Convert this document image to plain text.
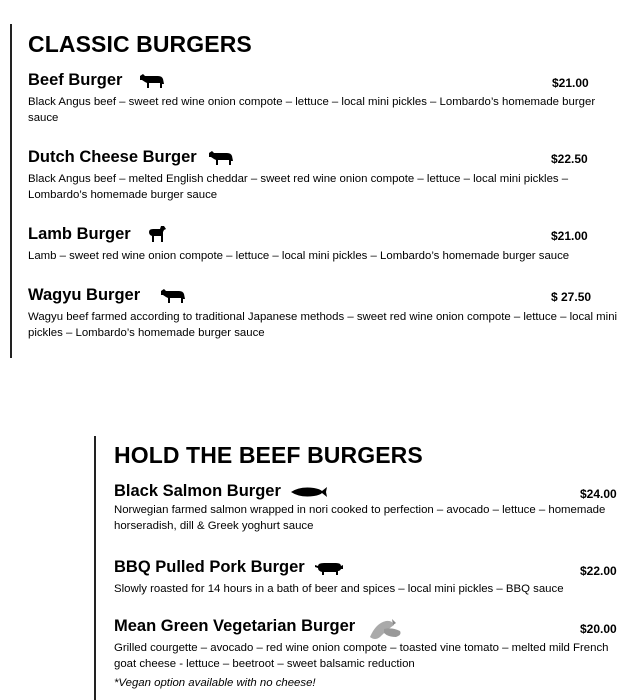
CLASSIC BURGERS
Beef Burger	$21.00
Black Angus beef – sweet red wine onion compote – lettuce – local mini pickles – Lombardo’s homemade burger sauce
Dutch Cheese Burger	$22.50
Black Angus beef – melted English cheddar – sweet red wine onion compote – lettuce – local mini pickles – Lombardo’s homemade burger sauce
Lamb Burger	$21.00
Lamb – sweet red wine onion compote – lettuce – local mini pickles – Lombardo’s homemade burger sauce
Wagyu Burger	$ 27.50
Wagyu beef farmed according to traditional Japanese methods – sweet red wine onion compote – lettuce – local mini pickles – Lombardo’s homemade burger sauce
HOLD THE BEEF BURGERS
Black Salmon Burger	$24.00
Norwegian farmed salmon wrapped in nori cooked to perfection – avocado – lettuce – homemade horseradish, dill & Greek yoghurt sauce
BBQ Pulled Pork Burger	$22.00
Slowly roasted for 14 hours in a bath of beer and spices – local mini pickles – BBQ sauce
Mean Green Vegetarian Burger	$20.00
Grilled courgette – avocado – red wine onion compote – toasted vine tomato – melted mild French goat cheese - lettuce – beetroot – sweet balsamic reduction
*Vegan option available with no cheese!
